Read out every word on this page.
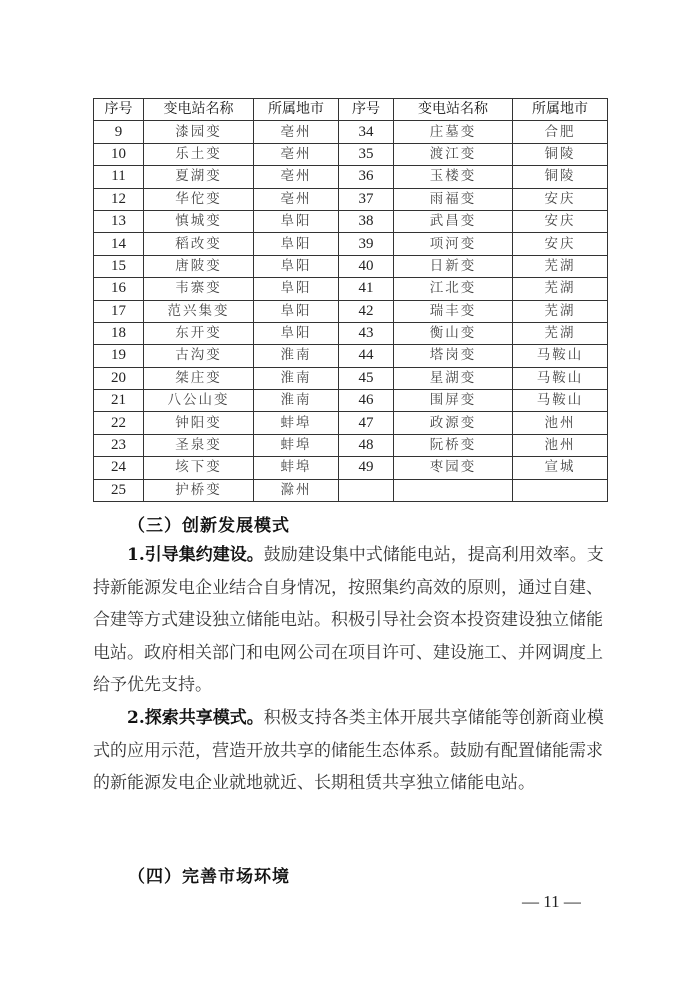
序号	变电站名称	所属地市	序号	变电站名称	所属地市
9	漆园变	亳州	34	庄墓变	合肥
10	乐土变	亳州	35	渡江变	铜陵
11	夏湖变	亳州	36	玉楼变	铜陵
12	华佗变	亳州	37	雨福变	安庆
13	慎城变	阜阳	38	武昌变	安庆
14	稻改变	阜阳	39	项河变	安庆
15	唐陂变	阜阳	40	日新变	芜湖
16	韦寨变	阜阳	41	江北变	芜湖
17	范兴集变	阜阳	42	瑞丰变	芜湖
18	东开变	阜阳	43	衡山变	芜湖
19	古沟变	淮南	44	塔岗变	马鞍山
20	桀庄变	淮南	45	星湖变	马鞍山
21	八公山变	淮南	46	围屏变	马鞍山
22	钟阳变	蚌埠	47	政源变	池州
23	圣泉变	蚌埠	48	阮桥变	池州
24	垓下变	蚌埠	49	枣园变	宣城
25	护桥变	滁州			
（三）创新发展模式
1.引导集约建设。鼓励建设集中式储能电站，提高利用效率。支持新能源发电企业结合自身情况，按照集约高效的原则，通过自建、合建等方式建设独立储能电站。积极引导社会资本投资建设独立储能电站。政府相关部门和电网公司在项目许可、建设施工、并网调度上给予优先支持。
2.探索共享模式。积极支持各类主体开展共享储能等创新商业模式的应用示范，营造开放共享的储能生态体系。鼓励有配置储能需求的新能源发电企业就地就近、长期租赁共享独立储能电站。
（四）完善市场环境
— 11 —
